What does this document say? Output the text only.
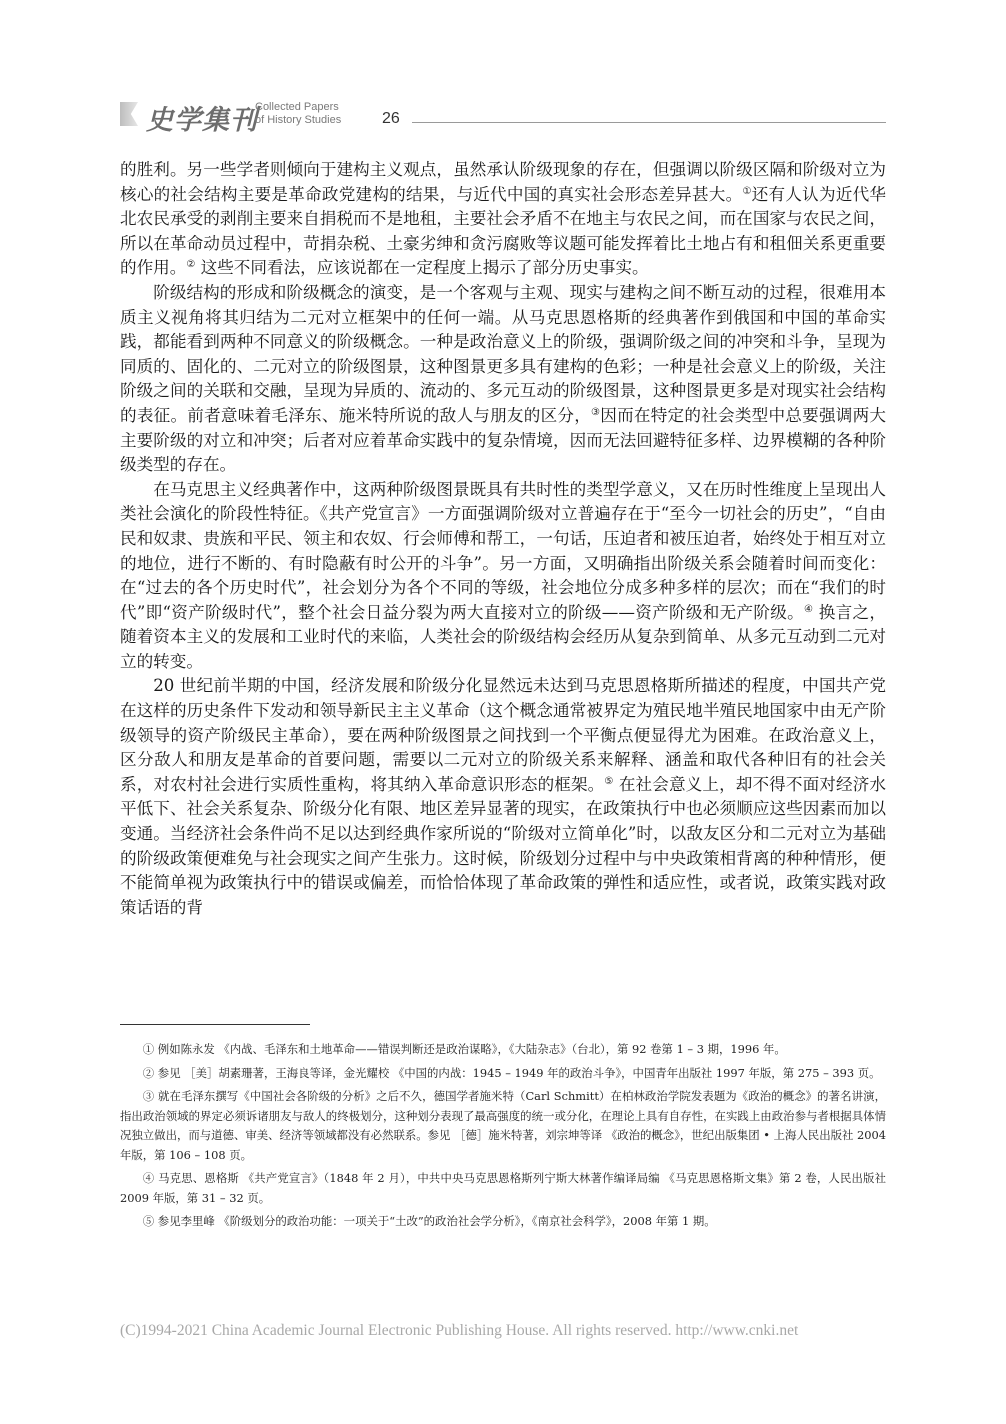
史学集刊
Collected Papers
of History Studies	26

的胜利。另一些学者则倾向于建构主义观点，虽然承认阶级现象的存在，但强调以阶级区隔和阶级对立为核心的社会结构主要是革命政党建构的结果，与近代中国的真实社会形态差异甚大。①还有人认为近代华北农民承受的剥削主要来自捐税而不是地租，主要社会矛盾不在地主与农民之间，而在国家与农民之间，所以在革命动员过程中，苛捐杂税、土豪劣绅和贪污腐败等议题可能发挥着比土地占有和租佃关系更重要的作用。② 这些不同看法，应该说都在一定程度上揭示了部分历史事实。

阶级结构的形成和阶级概念的演变，是一个客观与主观、现实与建构之间不断互动的过程，很难用本质主义视角将其归结为二元对立框架中的任何一端。从马克思恩格斯的经典著作到俄国和中国的革命实践，都能看到两种不同意义的阶级概念。一种是政治意义上的阶级，强调阶级之间的冲突和斗争，呈现为同质的、固化的、二元对立的阶级图景，这种图景更多具有建构的色彩；一种是社会意义上的阶级，关注阶级之间的关联和交融，呈现为异质的、流动的、多元互动的阶级图景，这种图景更多是对现实社会结构的表征。前者意味着毛泽东、施米特所说的敌人与朋友的区分，③因而在特定的社会类型中总要强调两大主要阶级的对立和冲突；后者对应着革命实践中的复杂情境，因而无法回避特征多样、边界模糊的各种阶级类型的存在。

在马克思主义经典著作中，这两种阶级图景既具有共时性的类型学意义，又在历时性维度上呈现出人类社会演化的阶段性特征。《共产党宣言》一方面强调阶级对立普遍存在于“至今一切社会的历史”，“自由民和奴隶、贵族和平民、领主和农奴、行会师傅和帮工，一句话，压迫者和被压迫者，始终处于相互对立的地位，进行不断的、有时隐蔽有时公开的斗争”。另一方面，又明确指出阶级关系会随着时间而变化：在“过去的各个历史时代”，社会划分为各个不同的等级，社会地位分成多种多样的层次；而在“我们的时代”即“资产阶级时代”，整个社会日益分裂为两大直接对立的阶级——资产阶级和无产阶级。④ 换言之，随着资本主义的发展和工业时代的来临，人类社会的阶级结构会经历从复杂到简单、从多元互动到二元对立的转变。

20 世纪前半期的中国，经济发展和阶级分化显然远未达到马克思恩格斯所描述的程度，中国共产党在这样的历史条件下发动和领导新民主主义革命（这个概念通常被界定为殖民地半殖民地国家中由无产阶级领导的资产阶级民主革命），要在两种阶级图景之间找到一个平衡点便显得尤为困难。在政治意义上，区分敌人和朋友是革命的首要问题，需要以二元对立的阶级关系来解释、涵盖和取代各种旧有的社会关系，对农村社会进行实质性重构，将其纳入革命意识形态的框架。⑤ 在社会意义上，却不得不面对经济水平低下、社会关系复杂、阶级分化有限、地区差异显著的现实，在政策执行中也必须顺应这些因素而加以变通。当经济社会条件尚不足以达到经典作家所说的“阶级对立简单化”时，以敌友区分和二元对立为基础的阶级政策便难免与社会现实之间产生张力。这时候，阶级划分过程中与中央政策相背离的种种情形，便不能简单视为政策执行中的错误或偏差，而恰恰体现了革命政策的弹性和适应性，或者说，政策实践对政策话语的背

① 例如陈永发 《内战、毛泽东和土地革命——错误判断还是政治谋略》，《大陆杂志》（台北），第 92 卷第 1 – 3 期，1996 年。

② 参见 ［美］胡素珊著，王海良等译，金光耀校 《中国的内战：1945 – 1949 年的政治斗争》，中国青年出版社 1997 年版，第 275 – 393 页。

③ 就在毛泽东撰写《中国社会各阶级的分析》之后不久，德国学者施米特（Carl Schmitt）在柏林政治学院发表题为《政治的概念》的著名讲演，指出政治领域的界定必须诉诸朋友与敌人的终极划分，这种划分表现了最高强度的统一或分化，在理论上具有自存性，在实践上由政治参与者根据具体情况独立做出，而与道德、审美、经济等领域都没有必然联系。参见 ［德］施米特著，刘宗坤等译 《政治的概念》，世纪出版集团 • 上海人民出版社 2004 年版，第 106 – 108 页。

④ 马克思、恩格斯 《共产党宣言》（1848 年 2 月），中共中央马克思恩格斯列宁斯大林著作编译局编 《马克思恩格斯文集》第 2 卷，人民出版社 2009 年版，第 31 – 32 页。

⑤ 参见李里峰 《阶级划分的政治功能：一项关于“土改”的政治社会学分析》，《南京社会科学》，2008 年第 1 期。

(C)1994-2021 China Academic Journal Electronic Publishing House. All rights reserved. http://www.cnki.net
